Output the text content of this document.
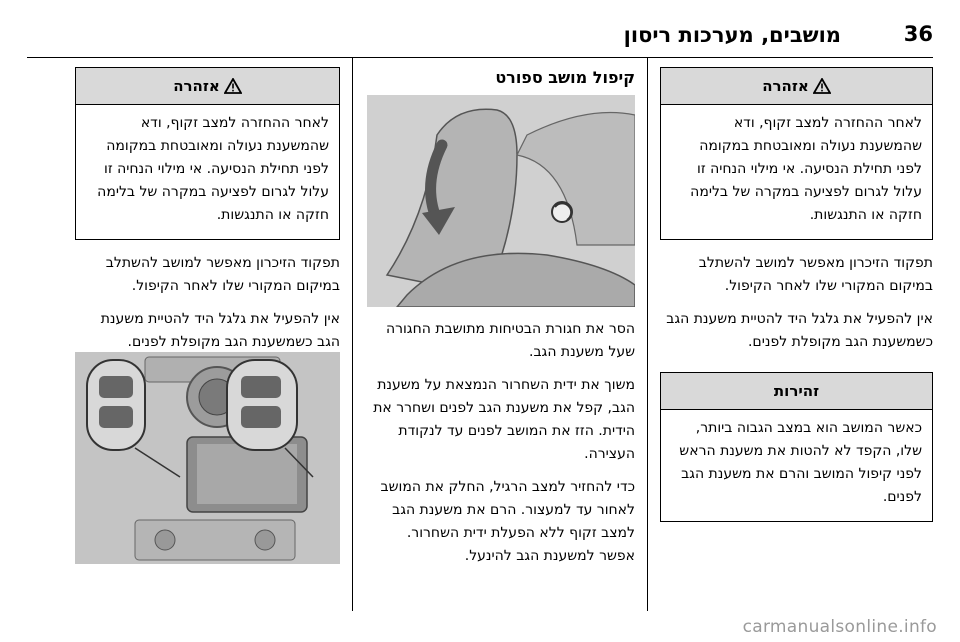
36
מושבים, מערכות ריסון
אזהרה
לאחר ההחזרה למצב זקוף, ודא שהמשענת נעולה ומאובטחת במקומה לפני תחילת הנסיעה. אי מילוי הנחיה זו עלול לגרום לפציעה במקרה של בלימה חזקה או התנגשות.
תפקוד הזיכרון מאפשר למושב להשתלב במיקום המקורי שלו לאחר הקיפול.
אין להפעיל את גלגל היד להטיית משענת הגב כשמשענת הגב מקופלת לפנים.
זהירות
כאשר המושב הוא במצב הגבוה ביותר, שלו, הקפד לא להטות את משענת הראש לפני קיפול המושב והרם את משענת הגב לפנים.
קיפול מושב ספורט
הסר את חגורת הבטיחות מתושבת החגורה שעל משענת הגב.
משוך את ידית השחרור הנמצאת על משענת הגב, קפל את משענת הגב לפנים ושחרר את הידית. הזז את המושב לפנים עד לנקודת העצירה.
כדי להחזיר למצב הרגיל, החלק את המושב לאחור עד למעצור. הרם את משענת הגב למצב זקוף ללא הפעלת ידית השחרור. אפשר למשענת הגב להינעל.
אזהרה
לאחר ההחזרה למצב זקוף, ודא שהמשענת נעולה ומאובטחת במקומה לפני תחילת הנסיעה. אי מילוי הנחיה זו עלול לגרום לפציעה במקרה של בלימה חזקה או התנגשות.
תפקוד הזיכרון מאפשר למושב להשתלב במיקום המקורי שלו לאחר הקיפול.
אין להפעיל את גלגל היד להטיית משענת הגב כשמשענת הגב מקופלת לפנים.
carmanualsonline.info
